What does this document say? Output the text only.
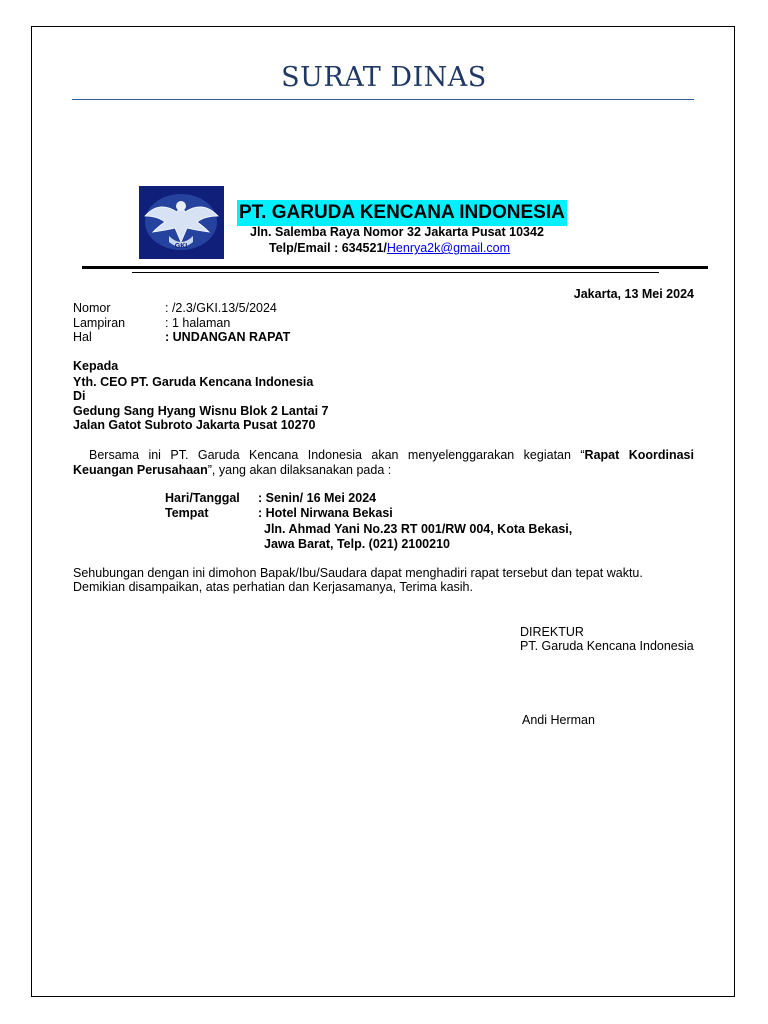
SURAT DINAS
GKI
PT. GARUDA KENCANA INDONESIA
Jln. Salemba Raya Nomor 32 Jakarta Pusat 10342
Telp/Email : 634521/Henrya2k@gmail.com
Jakarta, 13 Mei 2024
Nomor	: /2.3/GKI.13/5/2024
Lampiran	: 1 halaman
Hal	: UNDANGAN RAPAT
Kepada
Yth. CEO PT. Garuda Kencana Indonesia
Di
Gedung Sang Hyang Wisnu Blok 2 Lantai 7
Jalan Gatot Subroto Jakarta Pusat 10270
Bersama ini PT. Garuda Kencana Indonesia akan menyelenggarakan kegiatan “Rapat Koordinasi Keuangan Perusahaan”, yang akan dilaksanakan pada :
Hari/Tanggal : Senin/ 16 Mei 2024
Tempat	: Hotel Nirwana Bekasi
Jln. Ahmad Yani No.23 RT 001/RW 004, Kota Bekasi,
Jawa Barat, Telp. (021) 2100210
Sehubungan dengan ini dimohon Bapak/Ibu/Saudara dapat menghadiri rapat tersebut dan tepat waktu.
Demikian disampaikan, atas perhatian dan Kerjasamanya, Terima kasih.
DIREKTUR
PT. Garuda Kencana Indonesia
Andi Herman
